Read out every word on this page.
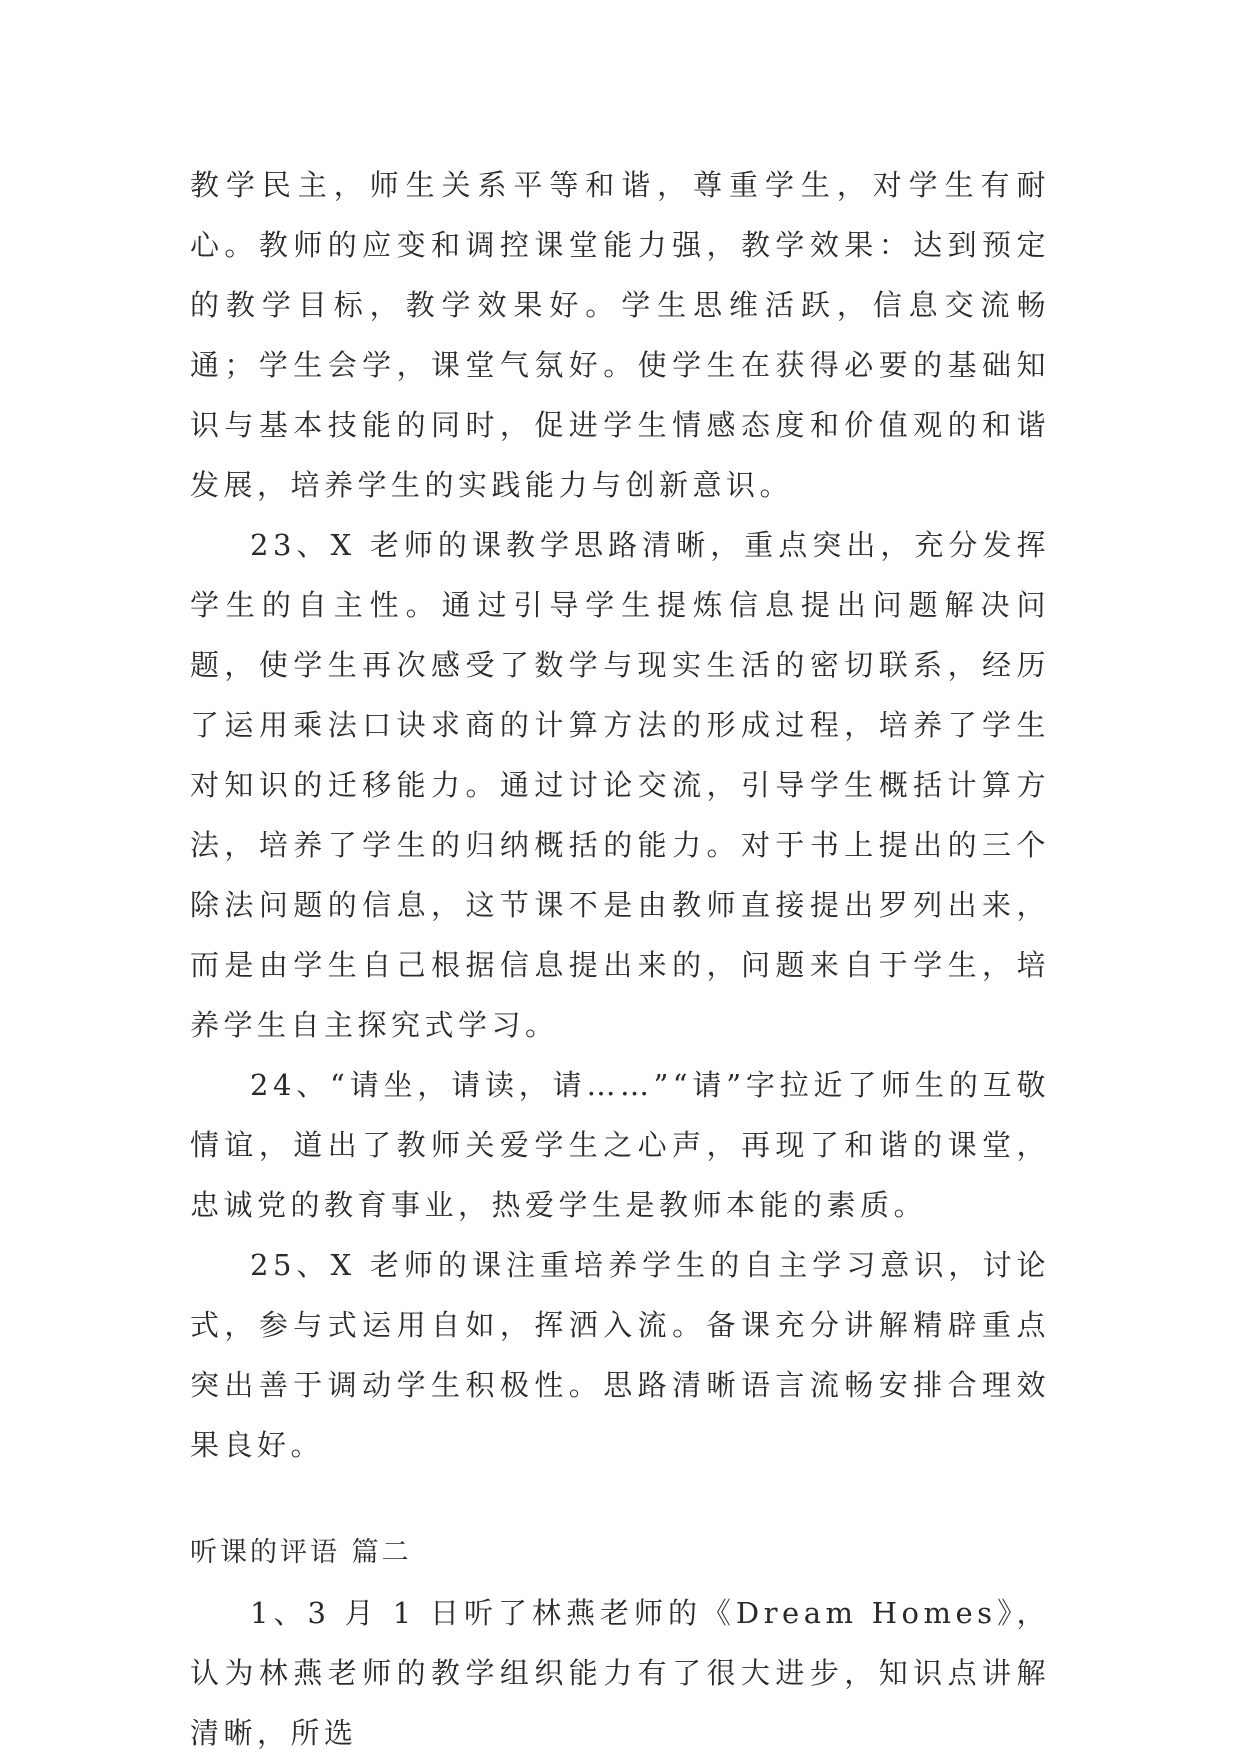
教学民主，师生关系平等和谐，尊重学生，对学生有耐心。教师的应变和调控课堂能力强，教学效果：达到预定的教学目标，教学效果好。学生思维活跃，信息交流畅通；学生会学，课堂气氛好。使学生在获得必要的基础知识与基本技能的同时，促进学生情感态度和价值观的和谐发展，培养学生的实践能力与创新意识。

23、X 老师的课教学思路清晰，重点突出，充分发挥学生的自主性。通过引导学生提炼信息提出问题解决问题，使学生再次感受了数学与现实生活的密切联系，经历了运用乘法口诀求商的计算方法的形成过程，培养了学生对知识的迁移能力。通过讨论交流，引导学生概括计算方法，培养了学生的归纳概括的能力。对于书上提出的三个除法问题的信息，这节课不是由教师直接提出罗列出来，而是由学生自己根据信息提出来的，问题来自于学生，培养学生自主探究式学习。

24、“请坐，请读，请……”“请”字拉近了师生的互敬情谊，道出了教师关爱学生之心声，再现了和谐的课堂，忠诚党的教育事业，热爱学生是教师本能的素质。

25、X 老师的课注重培养学生的自主学习意识，讨论式，参与式运用自如，挥洒入流。备课充分讲解精辟重点突出善于调动学生积极性。思路清晰语言流畅安排合理效果良好。

听课的评语 篇二

1、3 月 1 日听了林燕老师的《Dream Homes》，认为林燕老师的教学组织能力有了很大进步，知识点讲解清晰，所选
